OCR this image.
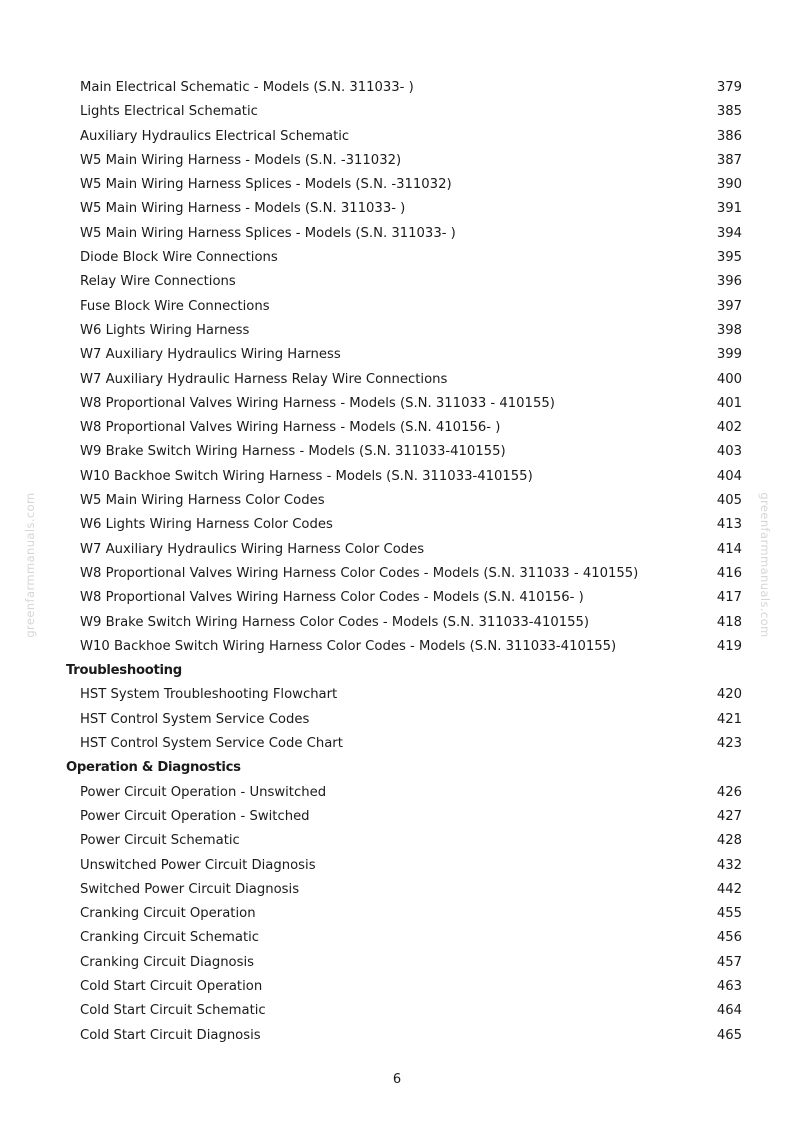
Main Electrical Schematic - Models (S.N. 311033- )	379
Lights Electrical Schematic	385
Auxiliary Hydraulics Electrical Schematic	386
W5 Main Wiring Harness - Models (S.N. -311032)	387
W5 Main Wiring Harness Splices - Models (S.N. -311032)	390
W5 Main Wiring Harness - Models (S.N. 311033- )	391
W5 Main Wiring Harness Splices - Models (S.N. 311033- )	394
Diode Block Wire Connections	395
Relay Wire Connections	396
Fuse Block Wire Connections	397
W6 Lights Wiring Harness	398
W7 Auxiliary Hydraulics Wiring Harness	399
W7 Auxiliary Hydraulic Harness Relay Wire Connections	400
W8 Proportional Valves Wiring Harness - Models (S.N. 311033 - 410155)	401
W8 Proportional Valves Wiring Harness - Models (S.N. 410156- )	402
W9 Brake Switch Wiring Harness - Models (S.N. 311033-410155)	403
W10 Backhoe Switch Wiring Harness - Models (S.N. 311033-410155)	404
W5 Main Wiring Harness Color Codes	405
W6 Lights Wiring Harness Color Codes	413
W7 Auxiliary Hydraulics Wiring Harness Color Codes	414
W8 Proportional Valves Wiring Harness Color Codes - Models (S.N. 311033 - 410155)	416
W8 Proportional Valves Wiring Harness Color Codes - Models (S.N. 410156- )	417
W9 Brake Switch Wiring Harness Color Codes - Models (S.N. 311033-410155)	418
W10 Backhoe Switch Wiring Harness Color Codes - Models (S.N. 311033-410155)	419
Troubleshooting
HST System Troubleshooting Flowchart	420
HST Control System Service Codes	421
HST Control System Service Code Chart	423
Operation & Diagnostics
Power Circuit Operation - Unswitched	426
Power Circuit Operation - Switched	427
Power Circuit Schematic	428
Unswitched Power Circuit Diagnosis	432
Switched Power Circuit Diagnosis	442
Cranking Circuit Operation	455
Cranking Circuit Schematic	456
Cranking Circuit Diagnosis	457
Cold Start Circuit Operation	463
Cold Start Circuit Schematic	464
Cold Start Circuit Diagnosis	465
greenfarmmanuals.com	greenfarmmanuals.com
6
